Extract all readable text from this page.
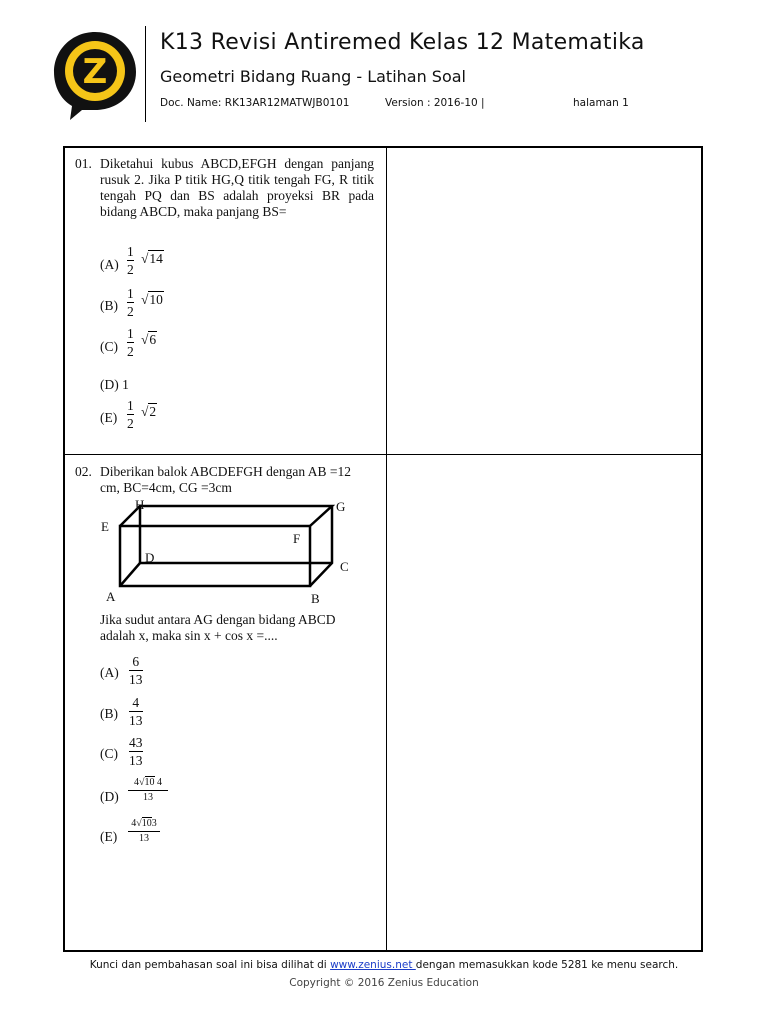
Z
K13 Revisi Antiremed Kelas 12 Matematika
Geometri Bidang Ruang - Latihan Soal
Doc. Name: RK13AR12MATWJB0101	Version : 2016-10 |	halaman 1
01. Diketahui kubus ABCD,EFGH dengan panjang rusuk 2. Jika P titik HG,Q titik tengah FG, R titik tengah PQ dan BS adalah proyeksi BR pada bidang ABCD, maka panjang BS=
(A)
1
2
√14
(B)
1
2
√10
(C)
1
2
√6
(D) 1
(E)
1
2
√2
02. Diberikan balok ABCDEFGH dengan AB =12 cm, BC=4cm, CG =3cm
E
H	G
F
D
C
A	B
Jika sudut antara AG dengan bidang ABCD adalah x, maka sin x + cos x =....
(A)
6
13
(B)
4
13
(C)
43
13
(D)
4√10 4
13
(E)
4√103
13
Kunci dan pembahasan soal ini bisa dilihat di www.zenius.net dengan memasukkan kode 5281 ke menu search.
Copyright © 2016 Zenius Education
